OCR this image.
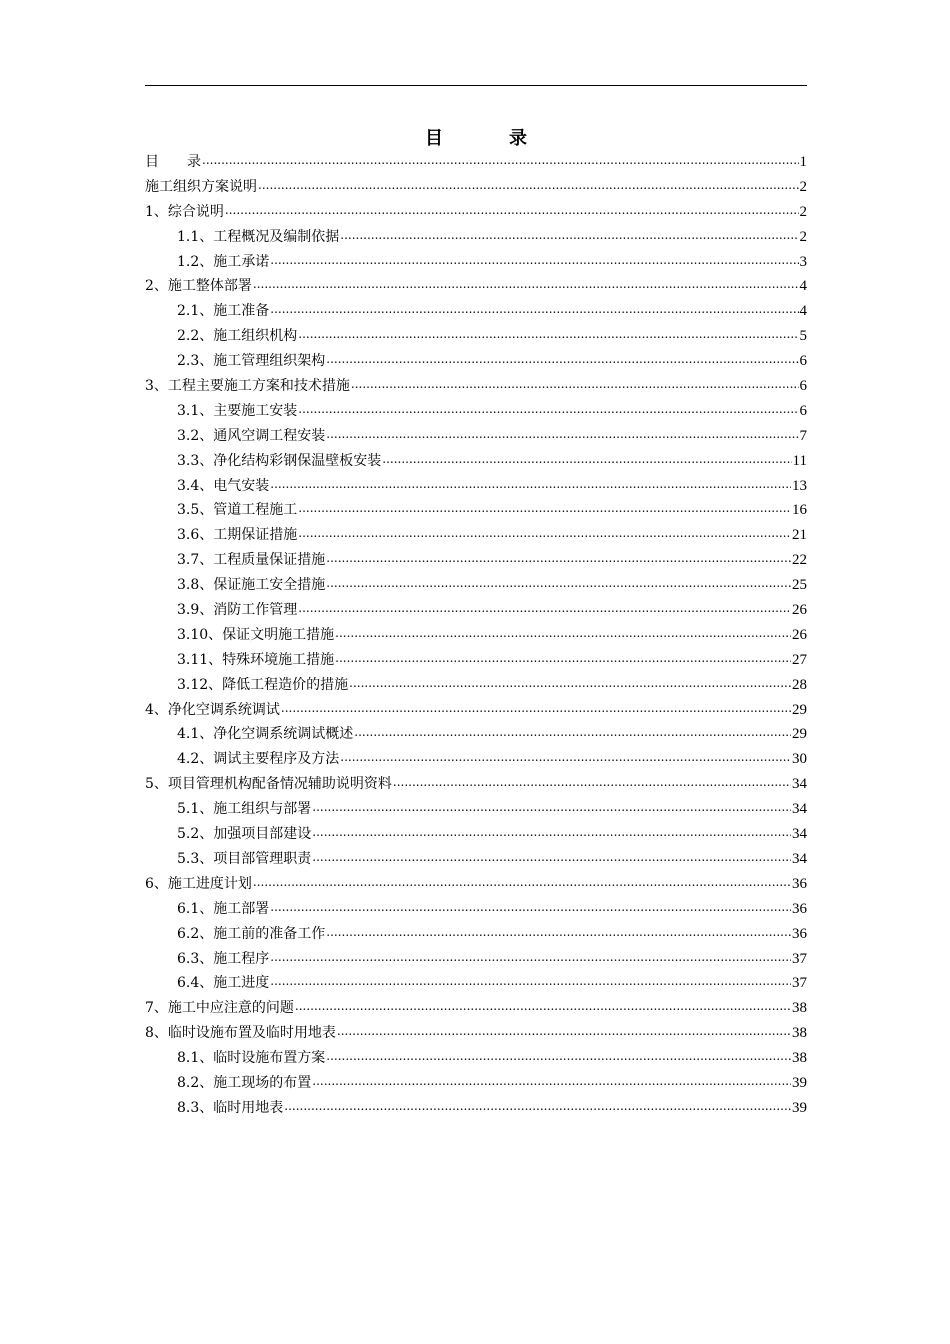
目　录
目　　录 .....	1
施工组织方案说明 .....	2
1、综合说明 .....	2
1.1、工程概况及编制依据 .....	2
1.2、施工承诺 .....	3
2、施工整体部署 .....	4
2.1、施工准备 .....	4
2.2、施工组织机构 .....	5
2.3、施工管理组织架构 .....	6
3、工程主要施工方案和技术措施 .....	6
3.1、主要施工安装 .....	6
3.2、通风空调工程安装 .....	7
3.3、净化结构彩钢保温壁板安装 .....	11
3.4、电气安装 .....	13
3.5、管道工程施工 .....	16
3.6、工期保证措施 .....	21
3.7、工程质量保证措施 .....	22
3.8、保证施工安全措施 .....	25
3.9、消防工作管理 .....	26
3.10、保证文明施工措施 .....	26
3.11、特殊环境施工措施 .....	27
3.12、降低工程造价的措施 .....	28
4、净化空调系统调试 .....	29
4.1、净化空调系统调试概述 .....	29
4.2、调试主要程序及方法 .....	30
5、项目管理机构配备情况辅助说明资料 .....	34
5.1、施工组织与部署 .....	34
5.2、加强项目部建设 .....	34
5.3、项目部管理职责 .....	34
6、施工进度计划 .....	36
6.1、施工部署 .....	36
6.2、施工前的准备工作 .....	36
6.3、施工程序 .....	37
6.4、施工进度 .....	37
7、施工中应注意的问题 .....	38
8、临时设施布置及临时用地表 .....	38
8.1、临时设施布置方案 .....	38
8.2、施工现场的布置 .....	39
8.3、临时用地表 .....	39
